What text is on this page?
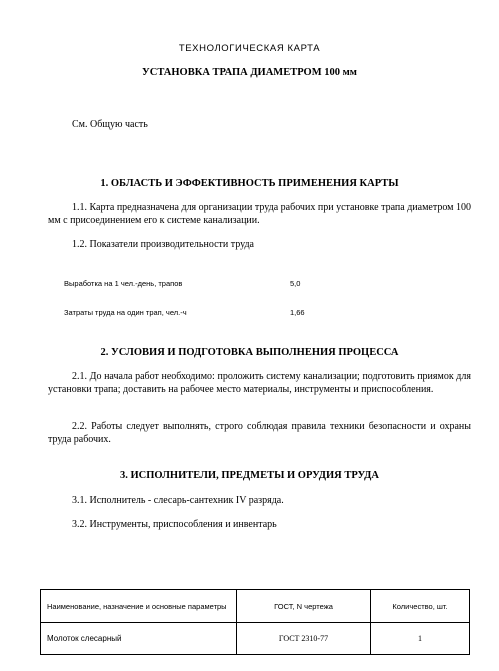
ТЕХНОЛОГИЧЕСКАЯ КАРТА
УСТАНОВКА ТРАПА ДИАМЕТРОМ 100 мм
См. Общую часть
1. ОБЛАСТЬ И ЭФФЕКТИВНОСТЬ ПРИМЕНЕНИЯ КАРТЫ
1.1. Карта предназначена для организации труда рабочих при установке трапа диаметром 100 мм с присоединением его к системе канализации.
1.2. Показатели производительности труда
Выработка на 1 чел.-день, трапов	5,0
Затраты труда на один трап, чел.-ч	1,66
2. УСЛОВИЯ И ПОДГОТОВКА ВЫПОЛНЕНИЯ ПРОЦЕССА
2.1. До начала работ необходимо: проложить систему канализации; подготовить приямок для установки трапа; доставить на рабочее место материалы, инструменты и приспособления.
2.2. Работы следует выполнять, строго соблюдая правила техники безопасности и охраны труда рабочих.
3. ИСПОЛНИТЕЛИ, ПРЕДМЕТЫ И ОРУДИЯ ТРУДА
3.1. Исполнитель - слесарь-сантехник IV разряда.
3.2. Инструменты, приспособления и инвентарь
Наименование, назначение и основные параметры	ГОСТ, N чертежа	Количество, шт.
Молоток слесарный	ГОСТ 2310-77	1
